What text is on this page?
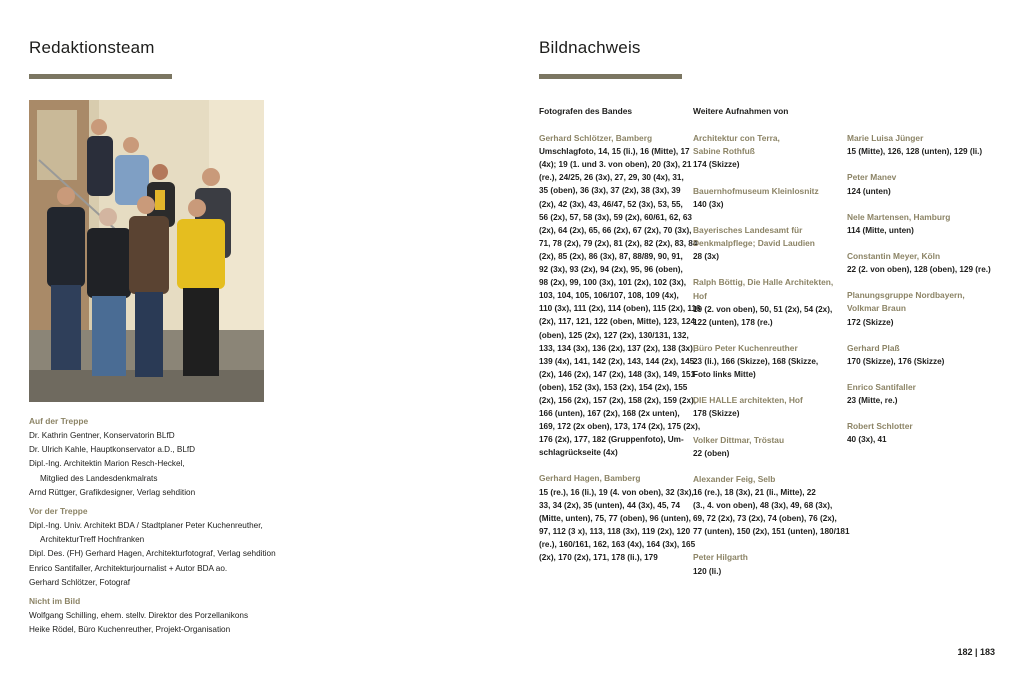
Redaktionsteam
Auf der Treppe
Dr. Kathrin Gentner, Konservatorin BLfD
Dr. Ulrich Kahle, Hauptkonservator a.D., BLfD
Dipl.-Ing. Architektin Marion Resch-Heckel,
Mitglied des Landesdenkmalrats
Arnd Rüttger, Grafikdesigner, Verlag sehdition
Vor der Treppe
Dipl.-Ing. Univ. Architekt BDA / Stadtplaner Peter Kuchenreuther,
ArchitekturTreff Hochfranken
Dipl. Des. (FH) Gerhard Hagen, Architekturfotograf, Verlag sehdition
Enrico Santifaller, Architekturjournalist + Autor BDA ao.
Gerhard Schlötzer, Fotograf
Nicht im Bild
Wolfgang Schilling, ehem. stellv. Direktor des Porzellanikons
Heike Rödel, Büro Kuchenreuther, Projekt-Organisation
Bildnachweis
Fotografen des Bandes	Weitere Aufnahmen von
Gerhard Schlötzer, Bamberg
Umschlagfoto, 14, 15 (li.), 16 (Mitte), 17
(4x); 19 (1. und 3. von oben), 20 (3x), 21
(re.), 24/25, 26 (3x), 27, 29, 30 (4x), 31,
35 (oben), 36 (3x), 37 (2x), 38 (3x), 39
(2x), 42 (3x), 43, 46/47, 52 (3x), 53, 55,
56 (2x), 57, 58 (3x), 59 (2x), 60/61, 62, 63
(2x), 64 (2x), 65, 66 (2x), 67 (2x), 70 (3x),
71, 78 (2x), 79 (2x), 81 (2x), 82 (2x), 83, 84
(2x), 85 (2x), 86 (3x), 87, 88/89, 90, 91,
92 (3x), 93 (2x), 94 (2x), 95, 96 (oben),
98 (2x), 99, 100 (3x), 101 (2x), 102 (3x),
103, 104, 105, 106/107, 108, 109 (4x),
110 (3x), 111 (2x), 114 (oben), 115 (2x), 116
(2x), 117, 121, 122 (oben, Mitte), 123, 124
(oben), 125 (2x), 127 (2x), 130/131, 132,
133, 134 (3x), 136 (2x), 137 (2x), 138 (3x),
139 (4x), 141, 142 (2x), 143, 144 (2x), 145
(2x), 146 (2x), 147 (2x), 148 (3x), 149, 151
(oben), 152 (3x), 153 (2x), 154 (2x), 155
(2x), 156 (2x), 157 (2x), 158 (2x), 159 (2x),
166 (unten), 167 (2x), 168 (2x unten),
169, 172 (2x oben), 173, 174 (2x), 175 (2x),
176 (2x), 177, 182 (Gruppenfoto), Um-
schlagrückseite (4x)
Gerhard Hagen, Bamberg
15 (re.), 16 (li.), 19 (4. von oben), 32 (3x),
33, 34 (2x), 35 (unten), 44 (3x), 45, 74
(Mitte, unten), 75, 77 (oben), 96 (unten),
97, 112 (3 x), 113, 118 (3x), 119 (2x), 120
(re.), 160/161, 162, 163 (4x), 164 (3x), 165
(2x), 170 (2x), 171, 178 (li.), 179
Architektur con Terra,
Sabine Rothfuß
174 (Skizze)
Bauernhofmuseum Kleinlosnitz
140 (3x)
Bayerisches Landesamt für
Denkmalpflege; David Laudien
28 (3x)
Ralph Böttig, Die Halle Architekten,
Hof
19 (2. von oben), 50, 51 (2x), 54 (2x),
122 (unten), 178 (re.)
Büro Peter Kuchenreuther
23 (li.), 166 (Skizze), 168 (Skizze,
Foto links Mitte)
DIE HALLE architekten, Hof
178 (Skizze)
Volker Dittmar, Tröstau
22 (oben)
Alexander Feig, Selb
16 (re.), 18 (3x), 21 (li., Mitte), 22
(3., 4. von oben), 48 (3x), 49, 68 (3x),
69, 72 (2x), 73 (2x), 74 (oben), 76 (2x),
77 (unten), 150 (2x), 151 (unten), 180/181
Peter Hilgarth
120 (li.)
Marie Luisa Jünger
15 (Mitte), 126, 128 (unten), 129 (li.)
Peter Manev
124 (unten)
Nele Martensen, Hamburg
114 (Mitte, unten)
Constantin Meyer, Köln
22 (2. von oben), 128 (oben), 129 (re.)
Planungsgruppe Nordbayern,
Volkmar Braun
172 (Skizze)
Gerhard Plaß
170 (Skizze), 176 (Skizze)
Enrico Santifaller
23 (Mitte, re.)
Robert Schlotter
40 (3x), 41
182 | 183
